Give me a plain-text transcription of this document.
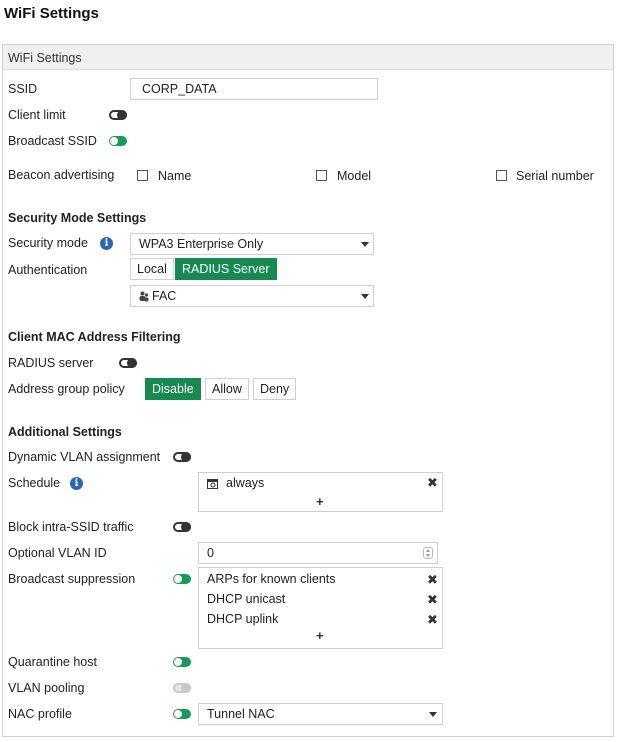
WiFi Settings
WiFi Settings
SSID	CORP_DATA
Client limit
Broadcast SSID
Beacon advertising	Name	Model	Serial number
Security Mode Settings
Security mode	i	WPA3 Enterprise Only
Authentication	Local	RADIUS Server
FAC
Client MAC Address Filtering
RADIUS server
Address group policy	Disable	Allow	Deny
Additional Settings
Dynamic VLAN assignment
Schedule	i	always	✖
+
Block intra-SSID traffic
Optional VLAN ID	0
Broadcast suppression	ARPs for known clients	✖
DHCP unicast	✖
DHCP uplink	✖
+
Quarantine host
VLAN pooling
NAC profile	Tunnel NAC
